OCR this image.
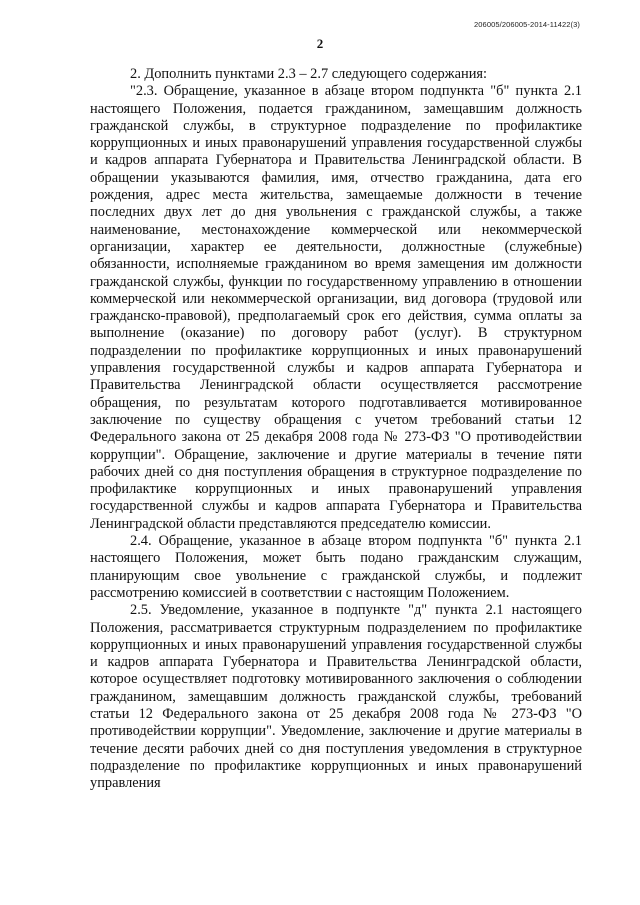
206005/206005-2014-11422(3)
2

2. Дополнить пунктами 2.3 – 2.7 следующего содержания:

"2.3. Обращение, указанное в абзаце втором подпункта "б" пункта 2.1 настоящего Положения, подается гражданином, замещавшим должность гражданской службы, в структурное подразделение по профилактике коррупционных и иных правонарушений управления государственной службы и кадров аппарата Губернатора и Правительства Ленинградской области. В обращении указываются фамилия, имя, отчество гражданина, дата его рождения, адрес места жительства, замещаемые должности в течение последних двух лет до дня увольнения с гражданской службы, а также наименование, местонахождение коммерческой или некоммерческой организации, характер ее деятельности, должностные (служебные) обязанности, исполняемые гражданином во время замещения им должности гражданской службы, функции по государственному управлению в отношении коммерческой или некоммерческой организации, вид договора (трудовой или гражданско-правовой), предполагаемый срок его действия, сумма оплаты за выполнение (оказание) по договору работ (услуг). В структурном подразделении по профилактике коррупционных и иных правонарушений управления государственной службы и кадров аппарата Губернатора и Правительства Ленинградской области осуществляется рассмотрение обращения, по результатам которого подготавливается мотивированное заключение по существу обращения с учетом требований статьи 12 Федерального закона от 25 декабря 2008 года № 273-ФЗ "О противодействии коррупции". Обращение, заключение и другие материалы в течение пяти рабочих дней со дня поступления обращения в структурное подразделение по профилактике коррупционных и иных правонарушений управления государственной службы и кадров аппарата Губернатора и Правительства Ленинградской области представляются председателю комиссии.

2.4. Обращение, указанное в абзаце втором подпункта "б" пункта 2.1 настоящего Положения, может быть подано гражданским служащим, планирующим свое увольнение с гражданской службы, и подлежит рассмотрению комиссией в соответствии с настоящим Положением.

2.5. Уведомление, указанное в подпункте "д" пункта 2.1 настоящего Положения, рассматривается структурным подразделением по профилактике коррупционных и иных правонарушений управления государственной службы и кадров аппарата Губернатора и Правительства Ленинградской области, которое осуществляет подготовку мотивированного заключения о соблюдении гражданином, замещавшим должность гражданской службы, требований статьи 12 Федерального закона от 25 декабря 2008 года № 273-ФЗ "О противодействии коррупции". Уведомление, заключение и другие материалы в течение десяти рабочих дней со дня поступления уведомления в структурное подразделение по профилактике коррупционных и иных правонарушений управления
